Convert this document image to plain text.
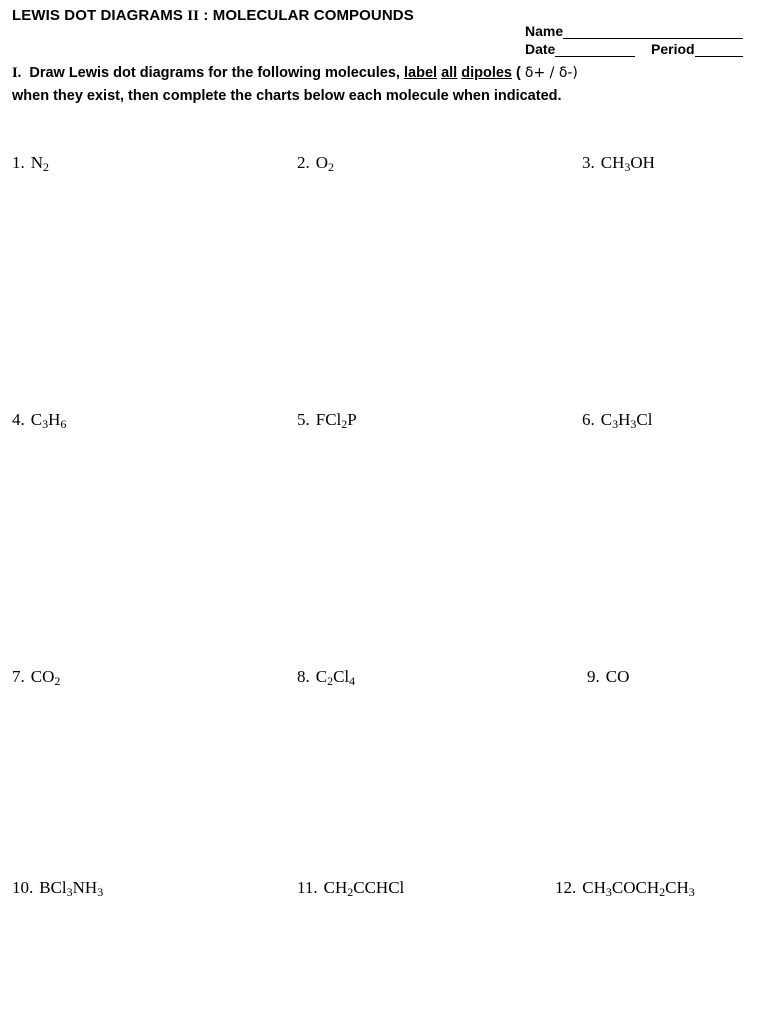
LEWIS DOT DIAGRAMS II : MOLECULAR COMPOUNDS
Name
Date	Period
I. Draw Lewis dot diagrams for the following molecules, label all dipoles ( δ+ / δ-)
when they exist, then complete the charts below each molecule when indicated.
1. $N_2$	2. $O_2$	3. $CH_3OH$
4. $C_3H_6$	5. FCl$_2$P	6. $C_3H_3Cl$
7. $CO_2$	8. $C_2Cl_4$	9. CO
10. $BCl_3NH_3$	11. $CH_2CCHCl$	12. $CH_3COCH_2CH_3$
